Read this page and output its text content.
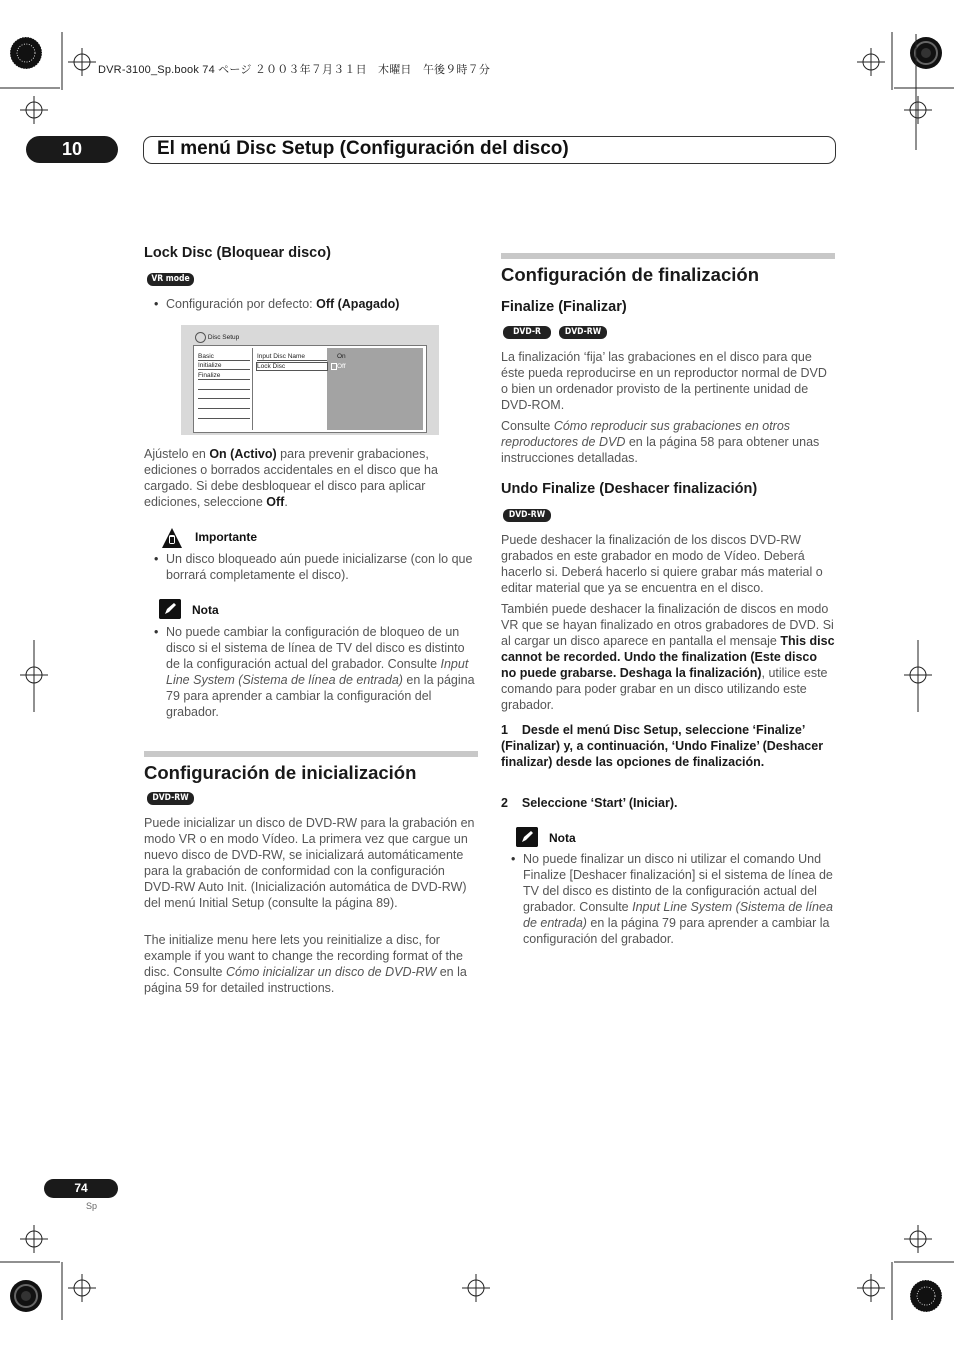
DVR-3100_Sp.book 74 ページ ２００３年７月３１日　木曜日　午後９時７分
10	El menú Disc Setup (Configuración del disco)
Lock Disc (Bloquear disco)
VR mode
• Configuración por defecto: Off (Apagado)
Disc Setup
Basic
Initialize
Finalize
Input Disc Name
Lock Disc
On
Off
Ajústelo en On (Activo) para prevenir grabaciones, ediciones o borrados accidentales en el disco que ha cargado. Si debe desbloquear el disco para aplicar ediciones, seleccione Off.
Importante
• Un disco bloqueado aún puede inicializarse (con lo que borrará completamente el disco).
Nota
• No puede cambiar la configuración de bloqueo de un disco si el sistema de línea de TV del disco es distinto de la configuración actual del grabador. Consulte Input Line System (Sistema de línea de entrada) en la página 79 para aprender a cambiar la configuración del grabador.
Configuración de inicialización
DVD-RW
Puede inicializar un disco de DVD-RW para la grabación en modo VR o en modo Vídeo. La primera vez que cargue un nuevo disco de DVD-RW, se inicializará automáticamente para la grabación de conformidad con la configuración DVD-RW Auto Init. (Inicialización automática de DVD-RW) del menú Initial Setup (consulte la página 89).
The initialize menu here lets you reinitialize a disc, for example if you want to change the recording format of the disc. Consulte Cómo inicializar un disco de DVD-RW en la página 59 for detailed instructions.
Configuración de finalización
Finalize (Finalizar)
DVD-R	DVD-RW
La finalización ‘fija’ las grabaciones en el disco para que éste pueda reproducirse en un reproductor normal de DVD o bien un ordenador provisto de la pertinente unidad de DVD-ROM.
Consulte Cómo reproducir sus grabaciones en otros reproductores de DVD en la página 58 para obtener unas instrucciones detalladas.
Undo Finalize (Deshacer finalización)
DVD-RW
Puede deshacer la finalización de los discos DVD-RW grabados en este grabador en modo de Vídeo. Deberá hacerlo si. Deberá hacerlo si quiere grabar más material o editar material que ya se encuentra en el disco.
También puede deshacer la finalización de discos en modo VR que se hayan finalizado en otros grabadores de DVD. Si al cargar un disco aparece en pantalla el mensaje This disc cannot be recorded. Undo the finalization (Este disco no puede grabarse. Deshaga la finalización), utilice este comando para poder grabar en un disco utilizando este grabador.
1 Desde el menú Disc Setup, seleccione ‘Finalize’ (Finalizar) y, a continuación, ‘Undo Finalize’ (Deshacer finalizar) desde las opciones de finalización.
2 Seleccione ‘Start’ (Iniciar).
Nota
• No puede finalizar un disco ni utilizar el comando Und Finalize [Deshacer finalización] si el sistema de línea de TV del disco es distinto de la configuración actual del grabador. Consulte Input Line System (Sistema de línea de entrada) en la página 79 para aprender a cambiar la configuración del grabador.
74
Sp
